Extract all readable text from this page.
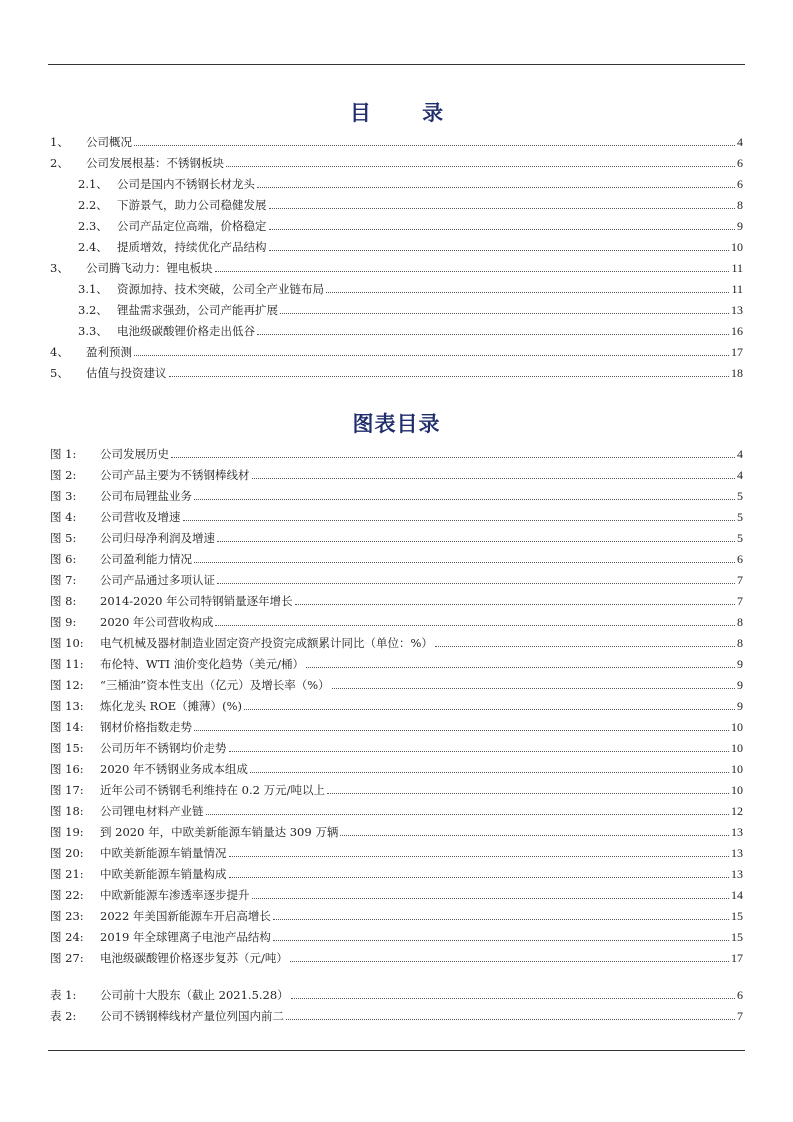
目 录
1、	公司概况	4
2、	公司发展根基：不锈钢板块	6
2.1、 公司是国内不锈钢长材龙头	6
2.2、 下游景气，助力公司稳健发展	8
2.3、 公司产品定位高端，价格稳定	9
2.4、 提质增效，持续优化产品结构	10
3、	公司腾飞动力：锂电板块	11
3.1、 资源加持、技术突破，公司全产业链布局	11
3.2、 锂盐需求强劲，公司产能再扩展	13
3.3、 电池级碳酸锂价格走出低谷	16
4、	盈利预测	17
5、	估值与投资建议	18
图表目录
图 1:	公司发展历史	4
图 2:	公司产品主要为不锈钢棒线材	4
图 3:	公司布局锂盐业务	5
图 4:	公司营收及增速	5
图 5:	公司归母净利润及增速	5
图 6:	公司盈利能力情况	6
图 7:	公司产品通过多项认证	7
图 8:	2014-2020 年公司特钢销量逐年增长	7
图 9:	2020 年公司营收构成	8
图 10:	电气机械及器材制造业固定资产投资完成额累计同比（单位：%）	8
图 11:	布伦特、WTI 油价变化趋势（美元/桶）	9
图 12:	“三桶油”资本性支出（亿元）及增长率（%）	9
图 13:	炼化龙头 ROE（摊薄）(%)	9
图 14:	钢材价格指数走势	10
图 15:	公司历年不锈钢均价走势	10
图 16:	2020 年不锈钢业务成本组成	10
图 17:	近年公司不锈钢毛利维持在 0.2 万元/吨以上	10
图 18:	公司锂电材料产业链	12
图 19:	到 2020 年，中欧美新能源车销量达 309 万辆	13
图 20:	中欧美新能源车销量情况	13
图 21:	中欧美新能源车销量构成	13
图 22:	中欧新能源车渗透率逐步提升	14
图 23:	2022 年美国新能源车开启高增长	15
图 24:	2019 年全球锂离子电池产品结构	15
图 27:	电池级碳酸锂价格逐步复苏（元/吨）	17
表 1:	公司前十大股东（截止 2021.5.28）	6
表 2:	公司不锈钢棒线材产量位列国内前二	7
